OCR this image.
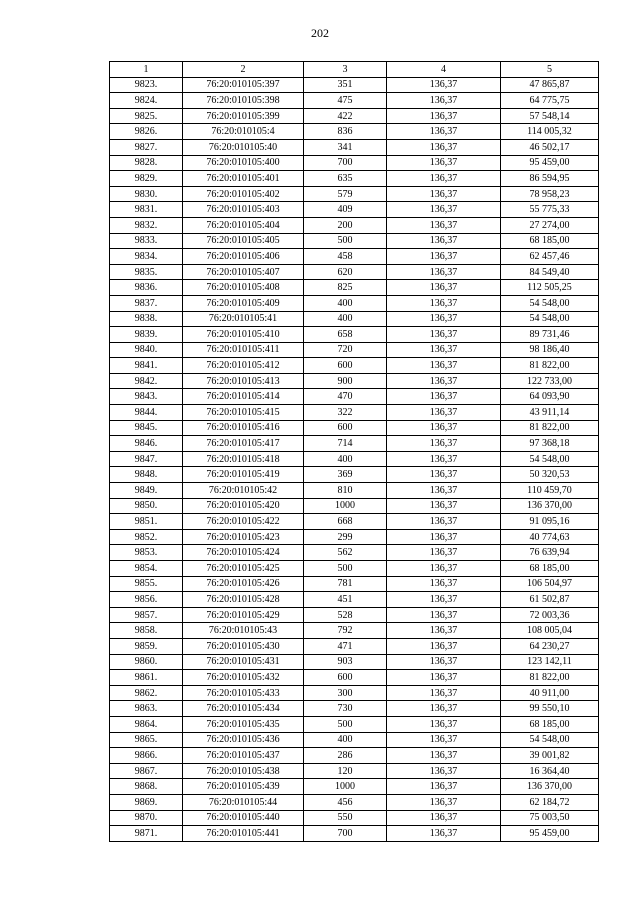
202
1	2	3	4	5
9823.	76:20:010105:397	351	136,37	47 865,87
9824.	76:20:010105:398	475	136,37	64 775,75
9825.	76:20:010105:399	422	136,37	57 548,14
9826.	76:20:010105:4	836	136,37	114 005,32
9827.	76:20:010105:40	341	136,37	46 502,17
9828.	76:20:010105:400	700	136,37	95 459,00
9829.	76:20:010105:401	635	136,37	86 594,95
9830.	76:20:010105:402	579	136,37	78 958,23
9831.	76:20:010105:403	409	136,37	55 775,33
9832.	76:20:010105:404	200	136,37	27 274,00
9833.	76:20:010105:405	500	136,37	68 185,00
9834.	76:20:010105:406	458	136,37	62 457,46
9835.	76:20:010105:407	620	136,37	84 549,40
9836.	76:20:010105:408	825	136,37	112 505,25
9837.	76:20:010105:409	400	136,37	54 548,00
9838.	76:20:010105:41	400	136,37	54 548,00
9839.	76:20:010105:410	658	136,37	89 731,46
9840.	76:20:010105:411	720	136,37	98 186,40
9841.	76:20:010105:412	600	136,37	81 822,00
9842.	76:20:010105:413	900	136,37	122 733,00
9843.	76:20:010105:414	470	136,37	64 093,90
9844.	76:20:010105:415	322	136,37	43 911,14
9845.	76:20:010105:416	600	136,37	81 822,00
9846.	76:20:010105:417	714	136,37	97 368,18
9847.	76:20:010105:418	400	136,37	54 548,00
9848.	76:20:010105:419	369	136,37	50 320,53
9849.	76:20:010105:42	810	136,37	110 459,70
9850.	76:20:010105:420	1000	136,37	136 370,00
9851.	76:20:010105:422	668	136,37	91 095,16
9852.	76:20:010105:423	299	136,37	40 774,63
9853.	76:20:010105:424	562	136,37	76 639,94
9854.	76:20:010105:425	500	136,37	68 185,00
9855.	76:20:010105:426	781	136,37	106 504,97
9856.	76:20:010105:428	451	136,37	61 502,87
9857.	76:20:010105:429	528	136,37	72 003,36
9858.	76:20:010105:43	792	136,37	108 005,04
9859.	76:20:010105:430	471	136,37	64 230,27
9860.	76:20:010105:431	903	136,37	123 142,11
9861.	76:20:010105:432	600	136,37	81 822,00
9862.	76:20:010105:433	300	136,37	40 911,00
9863.	76:20:010105:434	730	136,37	99 550,10
9864.	76:20:010105:435	500	136,37	68 185,00
9865.	76:20:010105:436	400	136,37	54 548,00
9866.	76:20:010105:437	286	136,37	39 001,82
9867.	76:20:010105:438	120	136,37	16 364,40
9868.	76:20:010105:439	1000	136,37	136 370,00
9869.	76:20:010105:44	456	136,37	62 184,72
9870.	76:20:010105:440	550	136,37	75 003,50
9871.	76:20:010105:441	700	136,37	95 459,00
